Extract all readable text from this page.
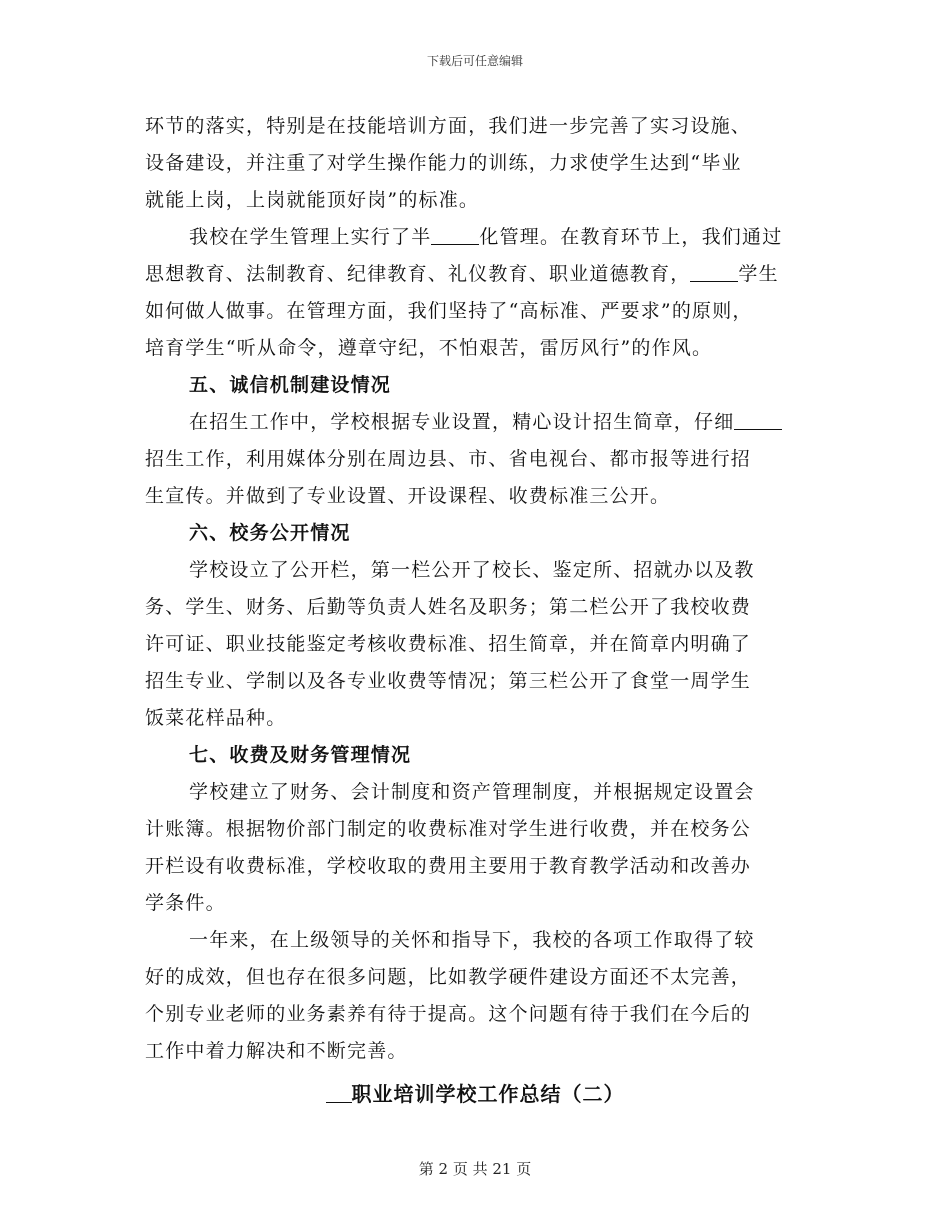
下载后可任意编辑
环节的落实，特别是在技能培训方面，我们进一步完善了实习设施、
设备建设，并注重了对学生操作能力的训练，力求使学生达到“毕业
就能上岗，上岗就能顶好岗”的标准。
我校在学生管理上实行了半	化管理。在教育环节上，我们通过
思想教育、法制教育、纪律教育、礼仪教育、职业道德教育，	学生
如何做人做事。在管理方面，我们坚持了“高标准、严要求”的原则，
培育学生“听从命令，遵章守纪，不怕艰苦，雷厉风行”的作风。
五、诚信机制建设情况
在招生工作中，学校根据专业设置，精心设计招生简章，仔细
招生工作，利用媒体分别在周边县、市、省电视台、都市报等进行招
生宣传。并做到了专业设置、开设课程、收费标准三公开。
六、校务公开情况
学校设立了公开栏，第一栏公开了校长、鉴定所、招就办以及教
务、学生、财务、后勤等负责人姓名及职务；第二栏公开了我校收费
许可证、职业技能鉴定考核收费标准、招生简章，并在简章内明确了
招生专业、学制以及各专业收费等情况；第三栏公开了食堂一周学生
饭菜花样品种。
七、收费及财务管理情况
学校建立了财务、会计制度和资产管理制度，并根据规定设置会
计账簿。根据物价部门制定的收费标准对学生进行收费，并在校务公
开栏设有收费标准，学校收取的费用主要用于教育教学活动和改善办
学条件。
一年来，在上级领导的关怀和指导下，我校的各项工作取得了较
好的成效，但也存在很多问题，比如教学硬件建设方面还不太完善，
个别专业老师的业务素养有待于提高。这个问题有待于我们在今后的
工作中着力解决和不断完善。
职业培训学校工作总结（二）
第 2 页 共 21 页
